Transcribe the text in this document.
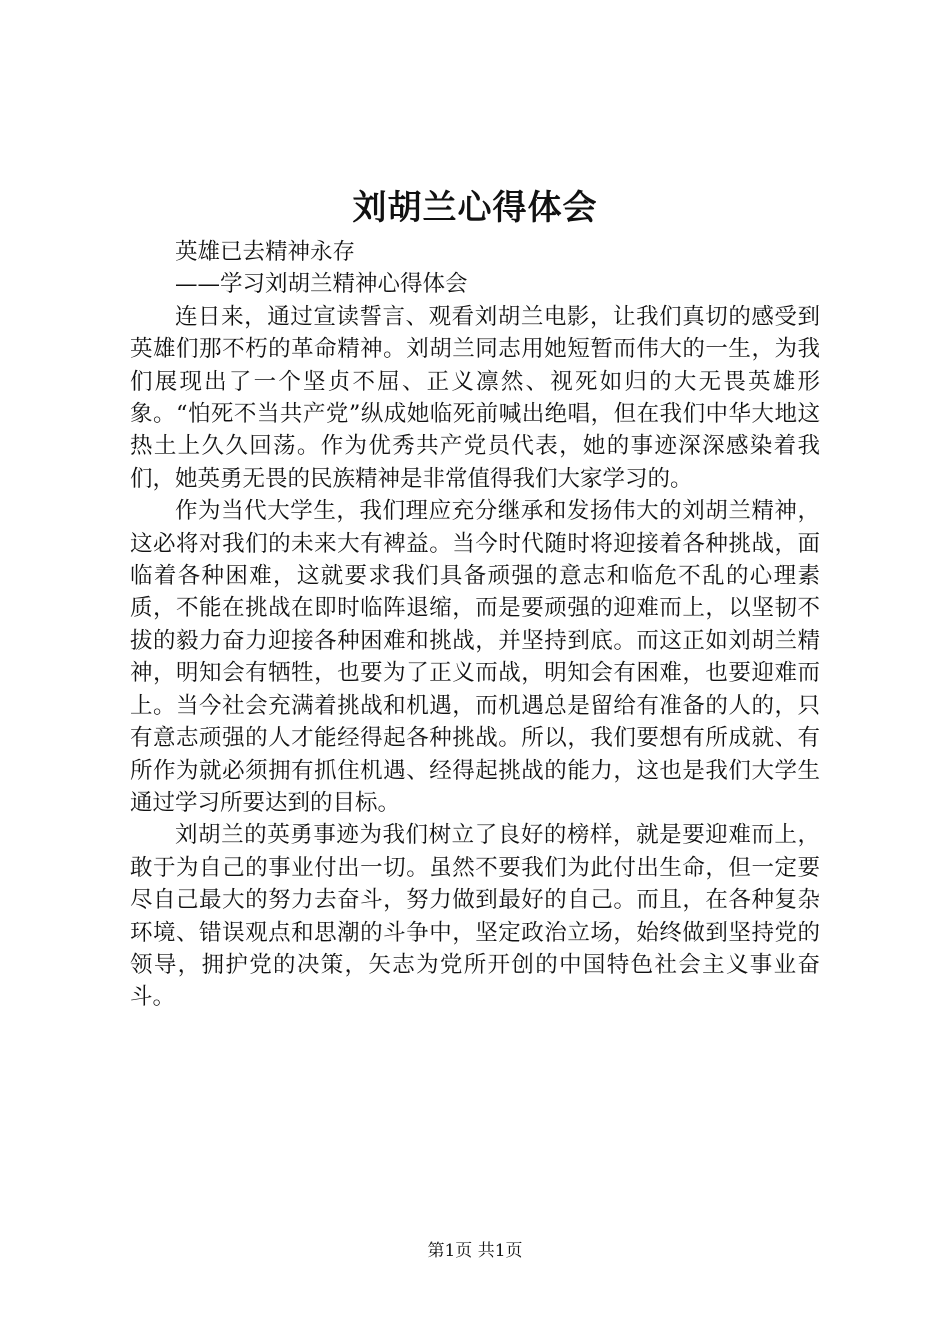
刘胡兰心得体会

英雄已去精神永存

——学习刘胡兰精神心得体会

连日来，通过宣读誓言、观看刘胡兰电影，让我们真切的感受到英雄们那不朽的革命精神。刘胡兰同志用她短暂而伟大的一生，为我们展现出了一个坚贞不屈、正义凛然、视死如归的大无畏英雄形象。“怕死不当共产党”纵成她临死前喊出绝唱，但在我们中华大地这热土上久久回荡。作为优秀共产党员代表，她的事迹深深感染着我们，她英勇无畏的民族精神是非常值得我们大家学习的。

作为当代大学生，我们理应充分继承和发扬伟大的刘胡兰精神，这必将对我们的未来大有裨益。当今时代随时将迎接着各种挑战，面临着各种困难，这就要求我们具备顽强的意志和临危不乱的心理素质，不能在挑战在即时临阵退缩，而是要顽强的迎难而上，以坚韧不拔的毅力奋力迎接各种困难和挑战，并坚持到底。而这正如刘胡兰精神，明知会有牺牲，也要为了正义而战，明知会有困难，也要迎难而上。当今社会充满着挑战和机遇，而机遇总是留给有准备的人的，只有意志顽强的人才能经得起各种挑战。所以，我们要想有所成就、有所作为就必须拥有抓住机遇、经得起挑战的能力，这也是我们大学生通过学习所要达到的目标。

刘胡兰的英勇事迹为我们树立了良好的榜样，就是要迎难而上，敢于为自己的事业付出一切。虽然不要我们为此付出生命，但一定要尽自己最大的努力去奋斗，努力做到最好的自己。而且，在各种复杂环境、错误观点和思潮的斗争中，坚定政治立场，始终做到坚持党的领导，拥护党的决策，矢志为党所开创的中国特色社会主义事业奋斗。

第1页 共1页
